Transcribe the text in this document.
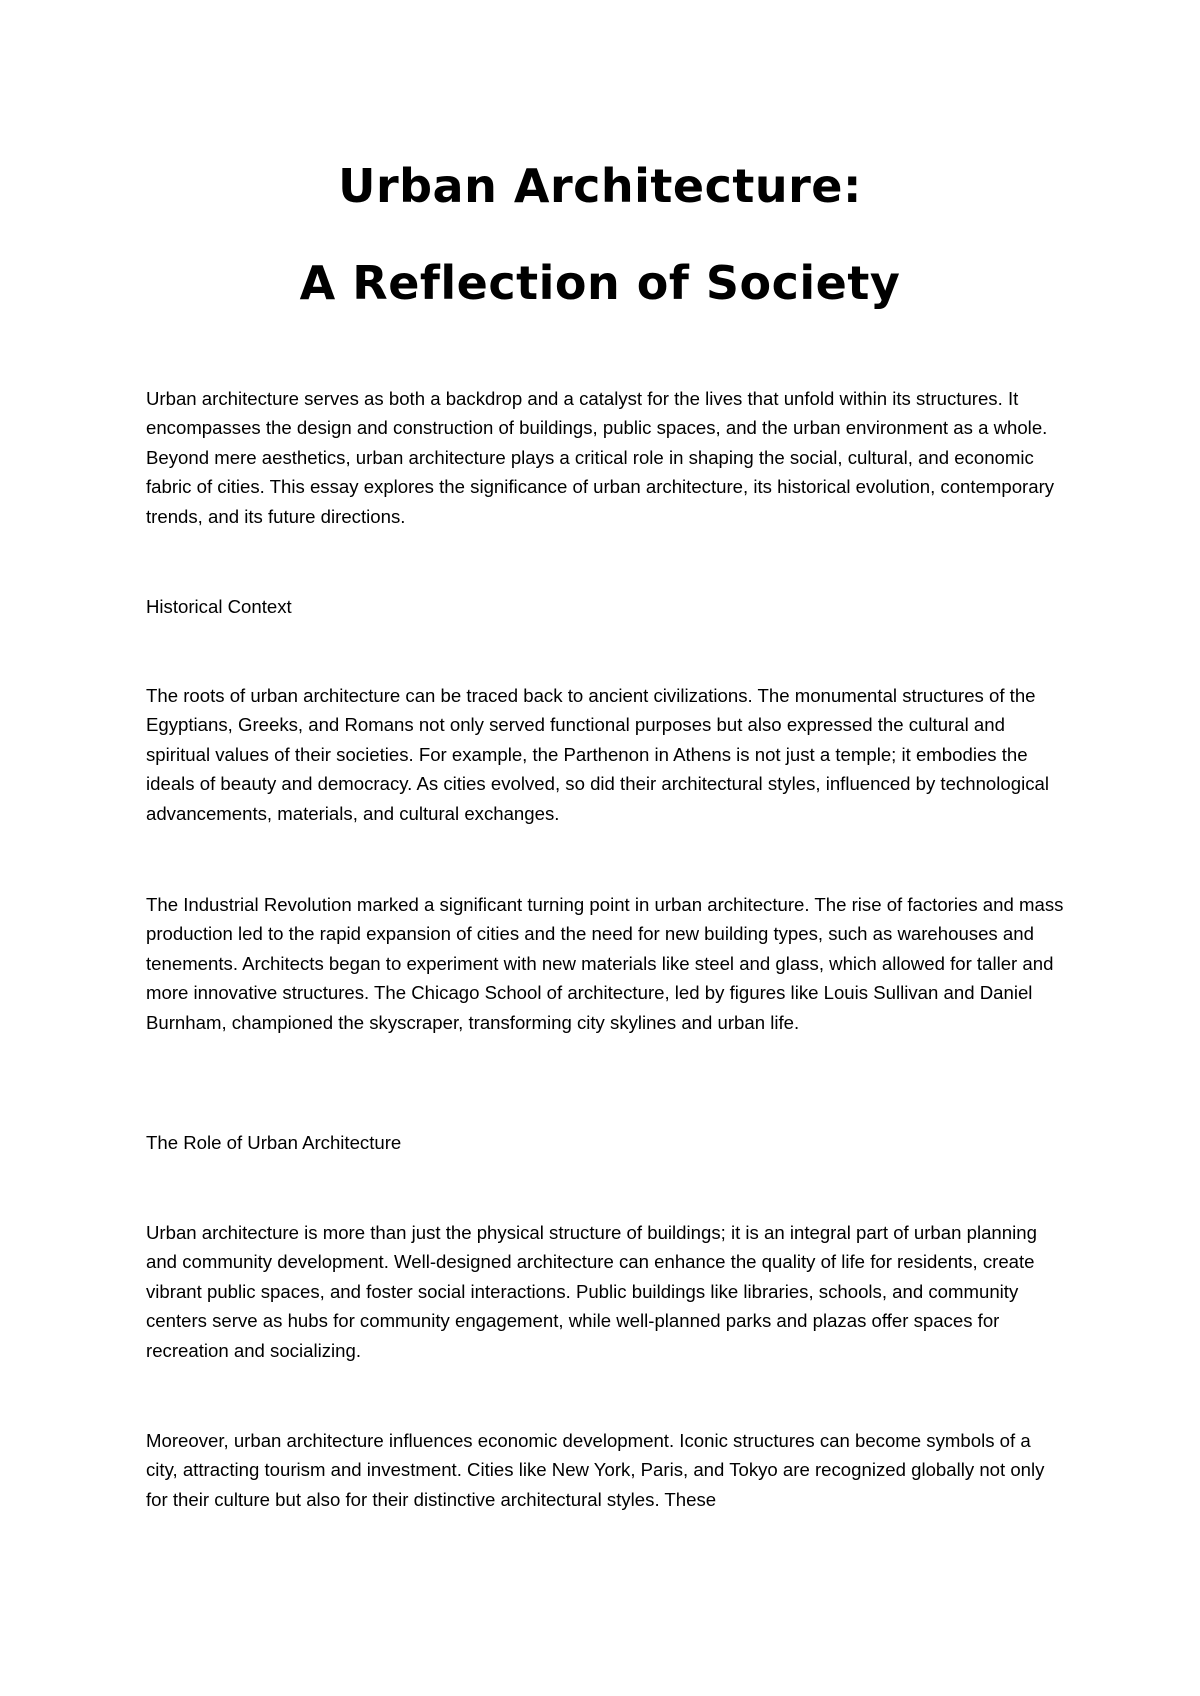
Urban Architecture:
A Reflection of Society

Urban architecture serves as both a backdrop and a catalyst for the lives that unfold within its structures. It encompasses the design and construction of buildings, public spaces, and the urban environment as a whole. Beyond mere aesthetics, urban architecture plays a critical role in shaping the social, cultural, and economic fabric of cities. This essay explores the significance of urban architecture, its historical evolution, contemporary trends, and its future directions.

Historical Context

The roots of urban architecture can be traced back to ancient civilizations. The monumental structures of the Egyptians, Greeks, and Romans not only served functional purposes but also expressed the cultural and spiritual values of their societies. For example, the Parthenon in Athens is not just a temple; it embodies the ideals of beauty and democracy. As cities evolved, so did their architectural styles, influenced by technological advancements, materials, and cultural exchanges.

The Industrial Revolution marked a significant turning point in urban architecture. The rise of factories and mass production led to the rapid expansion of cities and the need for new building types, such as warehouses and tenements. Architects began to experiment with new materials like steel and glass, which allowed for taller and more innovative structures. The Chicago School of architecture, led by figures like Louis Sullivan and Daniel Burnham, championed the skyscraper, transforming city skylines and urban life.

The Role of Urban Architecture

Urban architecture is more than just the physical structure of buildings; it is an integral part of urban planning and community development. Well-designed architecture can enhance the quality of life for residents, create vibrant public spaces, and foster social interactions. Public buildings like libraries, schools, and community centers serve as hubs for community engagement, while well-planned parks and plazas offer spaces for recreation and socializing.

Moreover, urban architecture influences economic development. Iconic structures can become symbols of a city, attracting tourism and investment. Cities like New York, Paris, and Tokyo are recognized globally not only for their culture but also for their distinctive architectural styles. These
